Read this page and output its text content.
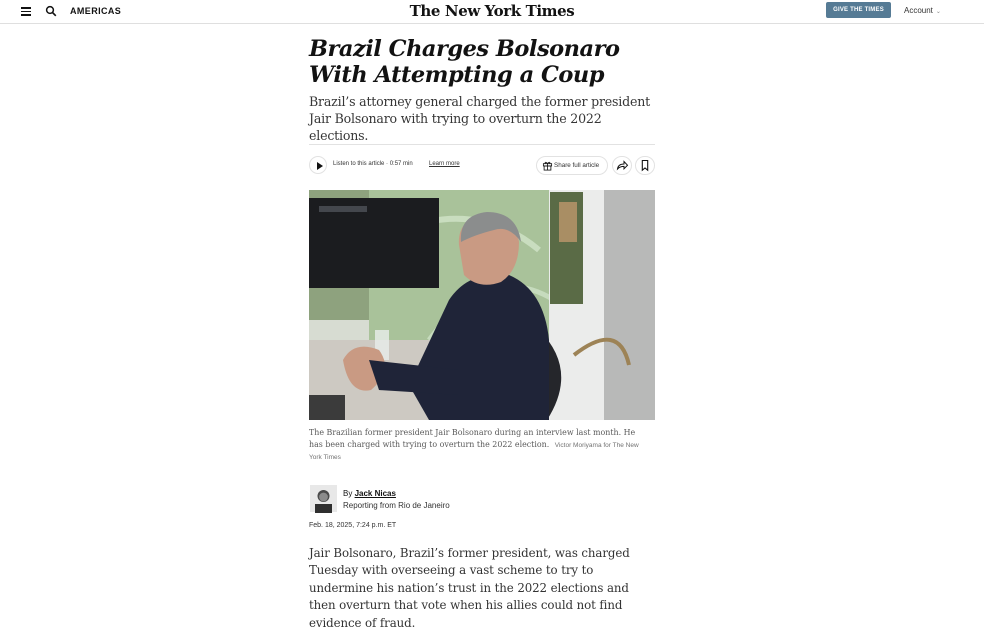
AMERICAS	The New York Times	GIVE THE TIMES	Account ⌄
Brazil Charges Bolsonaro
With Attempting a Coup

Brazil’s attorney general charged the former president Jair Bolsonaro with trying to overturn the 2022 elections.

Listen to this article · 0:57 min	Learn more	Share full article

The Brazilian former president Jair Bolsonaro during an interview last month. He has been charged with trying to overturn the 2022 election. Victor Moriyama for The New York Times

By Jack Nicas
Reporting from Rio de Janeiro
Feb. 18, 2025, 7:24 p.m. ET

Jair Bolsonaro, Brazil’s former president, was charged Tuesday with overseeing a vast scheme to try to undermine his nation’s trust in the 2022 elections and then overturn that vote when his allies could not find evidence of fraud.
